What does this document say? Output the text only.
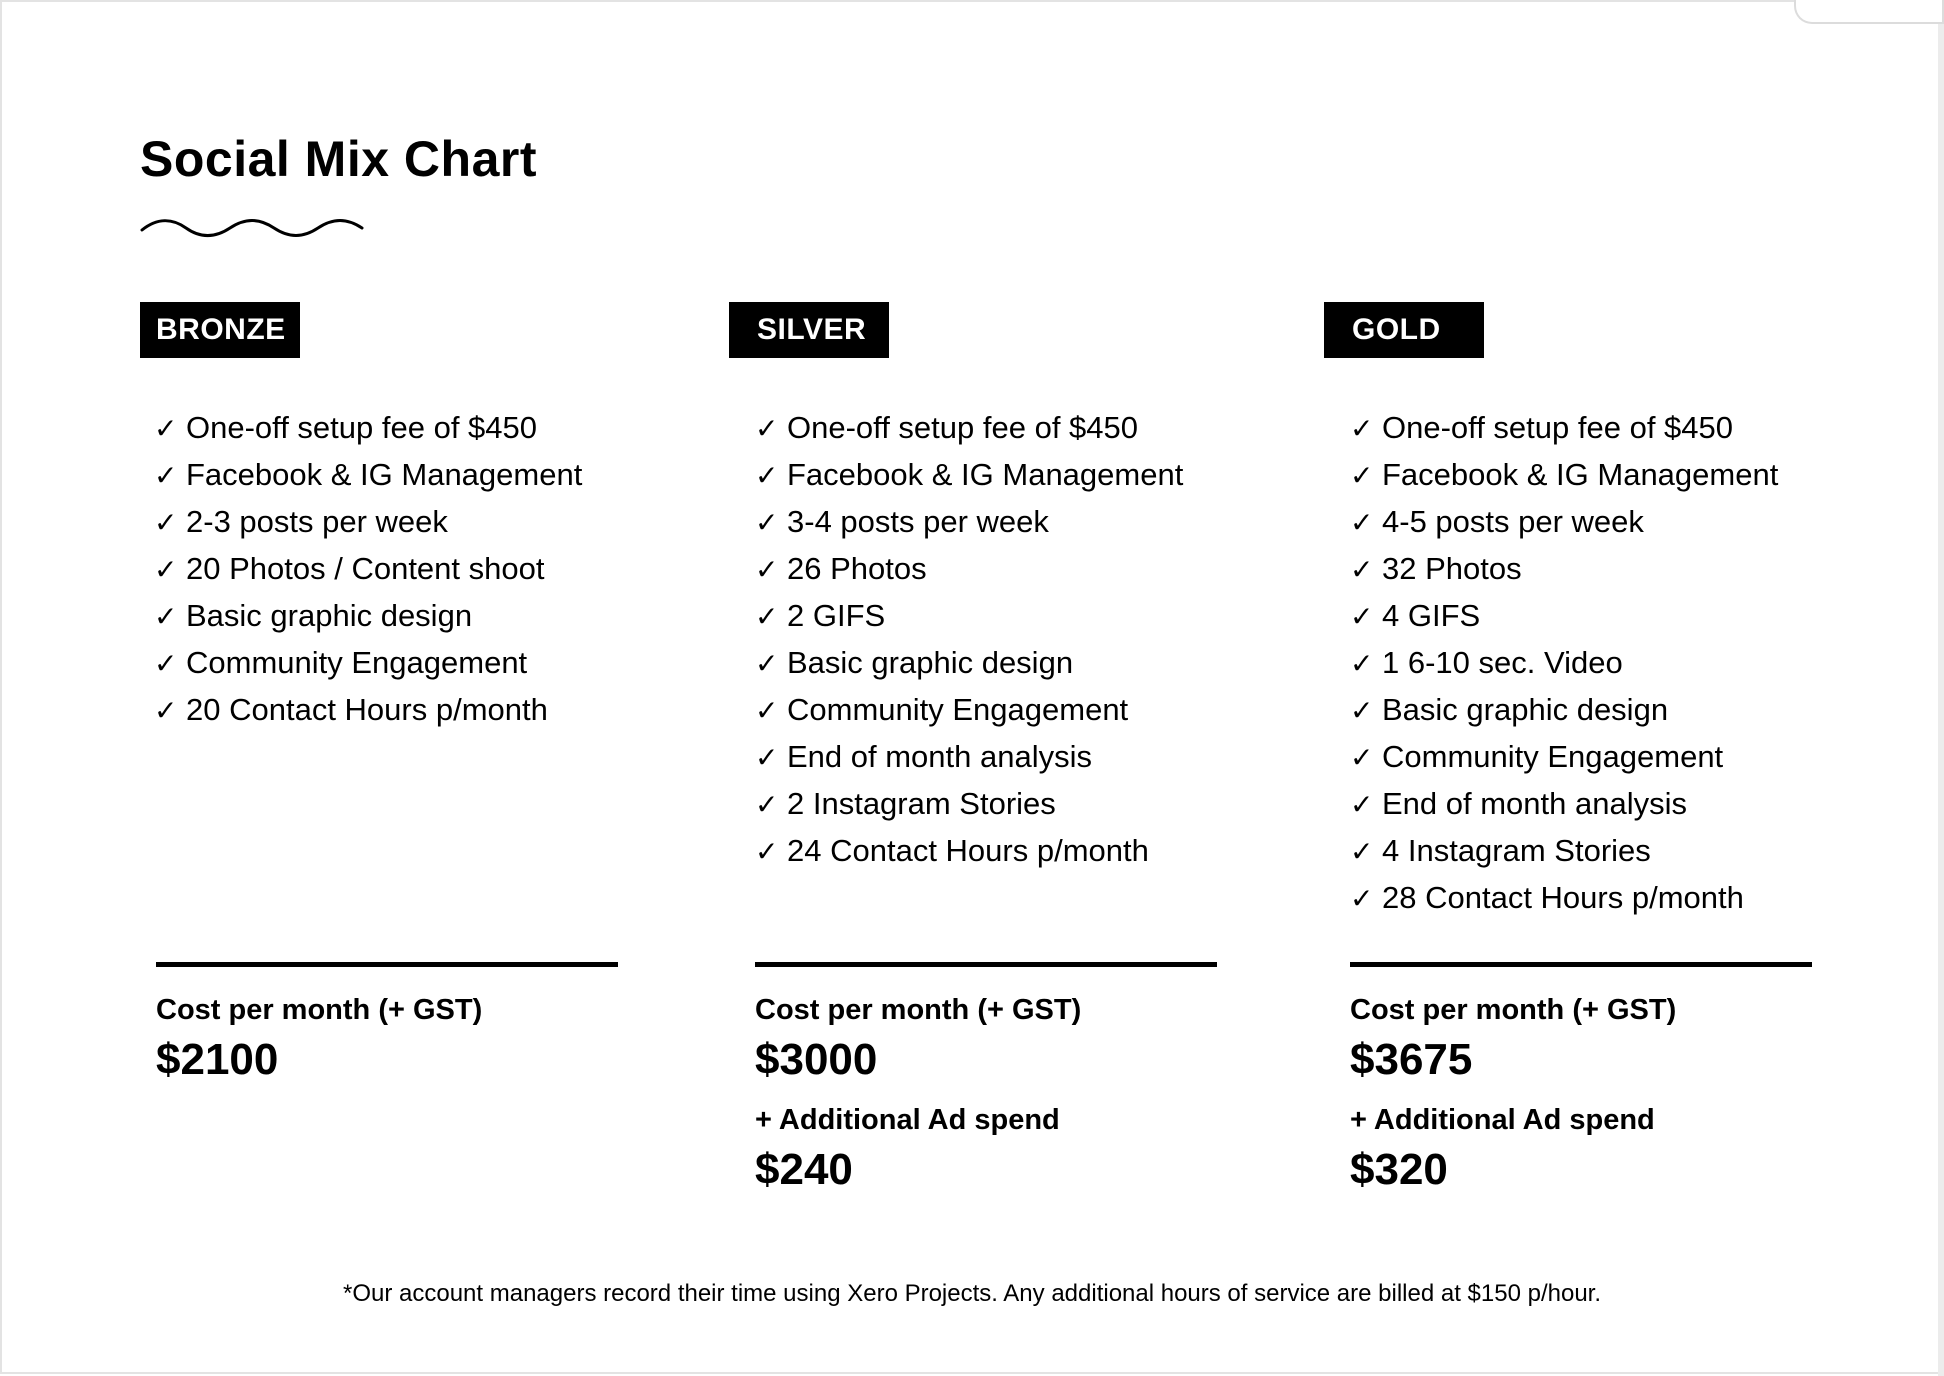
Social Mix Chart
BRONZE
✓ One-off setup fee of $450
✓ Facebook & IG Management
✓ 2-3 posts per week
✓ 20 Photos / Content shoot
✓ Basic graphic design
✓ Community Engagement
✓ 20 Contact Hours p/month
Cost per month (+ GST)
$2100
SILVER
✓ One-off setup fee of $450
✓ Facebook & IG Management
✓ 3-4 posts per week
✓ 26 Photos
✓ 2 GIFS
✓ Basic graphic design
✓ Community Engagement
✓ End of month analysis
✓ 2 Instagram Stories
✓ 24 Contact Hours p/month
Cost per month (+ GST)
$3000
+ Additional Ad spend
$240
GOLD
✓ One-off setup fee of $450
✓ Facebook & IG Management
✓ 4-5 posts per week
✓ 32 Photos
✓ 4 GIFS
✓ 1 6-10 sec. Video
✓ Basic graphic design
✓ Community Engagement
✓ End of month analysis
✓ 4 Instagram Stories
✓ 28 Contact Hours p/month
Cost per month (+ GST)
$3675
+ Additional Ad spend
$320
*Our account managers record their time using Xero Projects. Any additional hours of service are billed at $150 p/hour.
